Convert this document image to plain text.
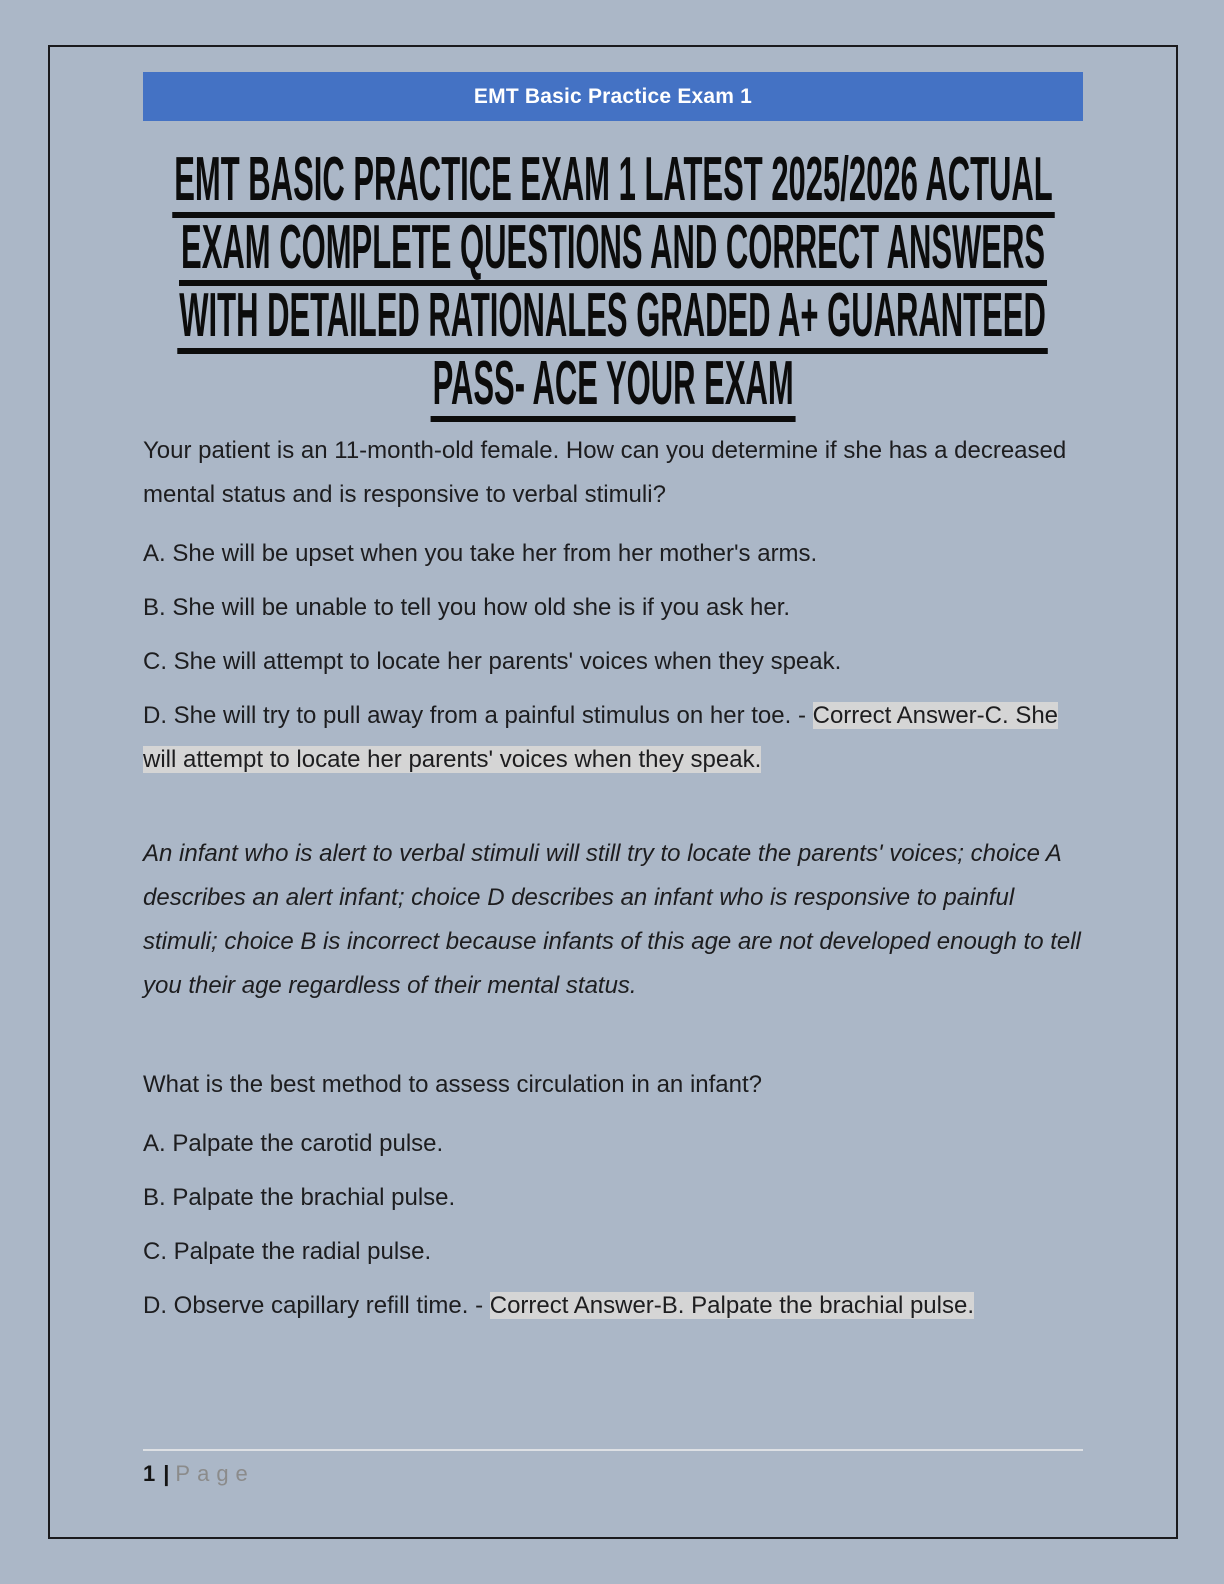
EMT Basic Practice Exam 1
EMT BASIC PRACTICE EXAM 1 LATEST 2025/2026 ACTUAL
EXAM COMPLETE QUESTIONS AND CORRECT ANSWERS
WITH DETAILED RATIONALES GRADED A+ GUARANTEED
PASS- ACE YOUR EXAM

Your patient is an 11-month-old female. How can you determine if she has a decreased mental status and is responsive to verbal stimuli?

A. She will be upset when you take her from her mother's arms.

B. She will be unable to tell you how old she is if you ask her.

C. She will attempt to locate her parents' voices when they speak.

D. She will try to pull away from a painful stimulus on her toe. - Correct Answer-C. She will attempt to locate her parents' voices when they speak.

An infant who is alert to verbal stimuli will still try to locate the parents' voices; choice A describes an alert infant; choice D describes an infant who is responsive to painful stimuli; choice B is incorrect because infants of this age are not developed enough to tell you their age regardless of their mental status.

What is the best method to assess circulation in an infant?

A. Palpate the carotid pulse.

B. Palpate the brachial pulse.

C. Palpate the radial pulse.

D. Observe capillary refill time. - Correct Answer-B. Palpate the brachial pulse.

1 | Page
